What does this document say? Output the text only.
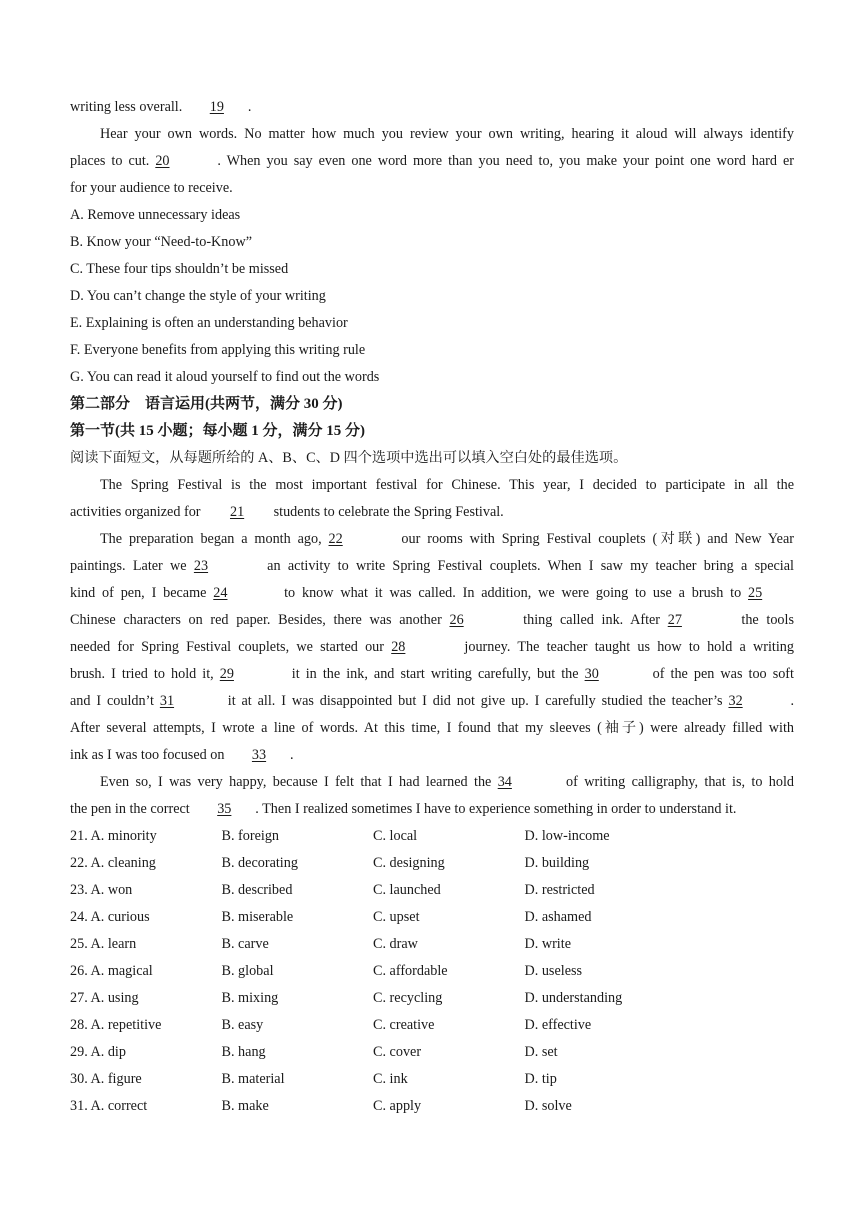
writing less overall. 19 .
Hear your own words. No matter how much you review your own writing, hearing it aloud will always identify
places to cut. 20	. When you say even one word more than you need to, you make your point one word hard er
for your audience to receive.
A. Remove unnecessary ideas
B. Know your “Need-to-Know”
C. These four tips shouldn’t be missed
D. You can’t change the style of your writing
E. Explaining is often an understanding behavior
F. Everyone benefits from applying this writing rule
G. You can read it aloud yourself to find out the words
第二部分    语言运用(共两节，满分 30 分)
第一节(共 15 小题；每小题 1 分，满分 15 分)
阅读下面短文，从每题所给的 A、B、C、D 四个选项中选出可以填入空白处的最佳选项。
The Spring Festival is the most important festival for Chinese. This year, I decided to participate in all the
activities organized for 21 students to celebrate the Spring Festival.
The preparation began a month ago, 22	our rooms with Spring Festival couplets (对联) and New Year
paintings. Later we 23	an activity to write Spring Festival couplets. When I saw my teacher bring a special
kind of pen, I became 24	to know what it was called. In addition, we were going to use a brush to 25
Chinese characters on red paper. Besides, there was another 26	thing called ink. After 27	the tools
needed for Spring Festival couplets, we started our 28	journey. The teacher taught us how to hold a writing
brush. I tried to hold it, 29	it in the ink, and start writing carefully, but the 30	of the pen was too soft
and I couldn’t 31	it at all. I was disappointed but I did not give up. I carefully studied the teacher’s 32	.
After several attempts, I wrote a line of words. At this time, I found that my sleeves (袖子) were already filled with
ink as I was too focused on 33 .
Even so, I was very happy, because I felt that I had learned the 34	of writing calligraphy, that is, to hold
the pen in the correct 35 . Then I realized sometimes I have to experience something in order to understand it.
21. A. minority	B. foreign	C. local	D. low-income
22. A. cleaning	B. decorating	C. designing	D. building
23. A. won	B. described	C. launched	D. restricted
24. A. curious	B. miserable	C. upset	D. ashamed
25. A. learn	B. carve	C. draw	D. write
26. A. magical	B. global	C. affordable	D. useless
27. A. using	B. mixing	C. recycling	D. understanding
28. A. repetitive	B. easy	C. creative	D. effective
29. A. dip	B. hang	C. cover	D. set
30. A. figure	B. material	C. ink	D. tip
31. A. correct	B. make	C. apply	D. solve
